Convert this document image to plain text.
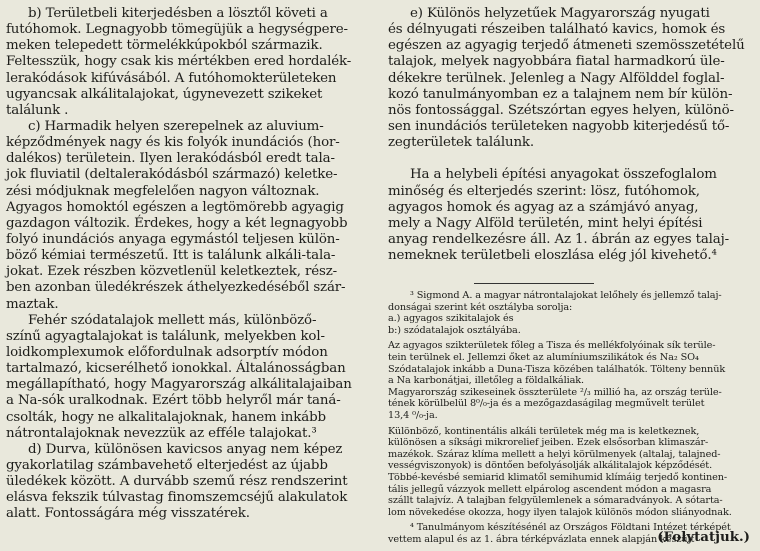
b) Területbeli kiterjedésben a lösztől követi a
futóhomok. Legnagyobb tömegüjük a hegységpere-
meken telepedett törmelékkúpokból származik.
Feltesszük, hogy csak kis mértékben ered hordalék-
lerakódások kifúvásából. A futóhomokterületeken
ugyancsak alkálitalajokat, úgynevezett szikeket
találunk .
c) Harmadik helyen szerepelnek az aluvium-
képződmények nagy és kis folyók inundációs (hor-
dalékos) területein. Ilyen lerakódásból eredt tala-
jok fluviatil (deltalerakódásból származó) keletke-
zési módjuknak megfelelően nagyon változnak.
Agyagos homoktól egészen a legtömörebb agyagig
gazdagon változik. Érdekes, hogy a két legnagyobb
folyó inundációs anyaga egymástól teljesen külön-
böző kémiai természetű. Itt is találunk alkáli-tala-
jokat. Ezek részben közvetlenül keletkeztek, rész-
ben azonban üledékrészek áthelyezkedéséből szár-
maztak.
Fehér szódatalajok mellett más, különböző-
színű agyagtalajokat is találunk, melyekben kol-
loidkomplexumok előfordulnak adsorptív módon
tartalmazó, kicserélhető ionokkal. Általánosságban
megállapítható, hogy Magyarország alkálitalajaiban
a Na-sók uralkodnak. Ezért több helyről már taná-
csolták, hogy ne alkalitalajoknak, hanem inkább
nátrontalajoknak nevezzük az efféle talajokat.³
d) Durva, különösen kavicsos anyag nem képez
gyakorlatilag számbavehető elterjedést az újabb
üledékek között. A durvább szemű rész rendszerint
elásva fekszik túlvastag finomszemcséjű alakulatok
alatt. Fontosságára még visszatérek.
e) Különös helyzetűek Magyarország nyugati
és délnyugati részeiben található kavics, homok és
egészen az agyagig terjedő átmeneti szemösszetételű
talajok, melyek nagyobbára fiatal harmadkorú üle-
dékekre terülnek. Jelenleg a Nagy Alfölddel foglal-
kozó tanulmányomban ez a talajnem nem bír külön-
nös fontossággal. Szétszórtan egyes helyen, különö-
sen inundációs területeken nagyobb kiterjedésű tő-
zegterületek találunk.
Ha a helybeli építési anyagokat összefoglalom
minőség és elterjedés szerint: lösz, futóhomok,
agyagos homok és agyag az a számjávó anyag,
mely a Nagy Alföld területén, mint helyi építési
anyag rendelkezésre áll. Az 1. ábrán az egyes talaj-
nemeknek területbeli eloszlása elég jól kivehető.⁴
³ Sigmond A. a magyar nátrontalajokat lelőhely és jellemző talaj-
donságai szerint két osztályba sorolja:
a.) agyagos szikitalajok és
b:) szódatalajok osztályába.
Az agyagos szikterületek főleg a Tisza és mellékfolyóinak sík terüle-
tein terülnek el. Jellemzi őket az alumíniumszilikátok és Na₂ SO₄
Szódatalajok inkább a Duna-Tisza közében találhatók. Tölteny bennük
a Na karbonátjai, illetőleg a földalkáliak.
Magyarország szikeseinek összterülete ²/₃ millió ha, az ország terüle-
tének körülbelül 8⁰/₀-ja és a mezőgazdaságilag megművelt terület
13,4 ⁰/₀-ja.
Különböző, kontinentális alkáli területek még ma is keletkeznek,
különösen a síksági mikrorelief jeiben. Ezek elsősorban klimaszár-
mazékok. Száraz klíma mellett a helyi körülmenyek (altalaj, talajned-
vességviszonyok) is döntően befolyásolják alkálitalajok képződését.
Többé-kevésbé semiarid klimatől semihumid klímáig terjedő kontinen-
tális jellegű vázzyok mellett elpárolog ascendent módon a magasra
szállt talajvíz. A talajban felgyülemlenek a sómaradványok. A sótarta-
lom növekedése okozza, hogy ilyen talajok különös módon sliányodnak.
⁴ Tanulmányom készítésénél az Országos Földtani Intézet térképét
vettem alapul és az 1. ábra térképvázlata ennek alapján készült
(Folytatjuk.)
